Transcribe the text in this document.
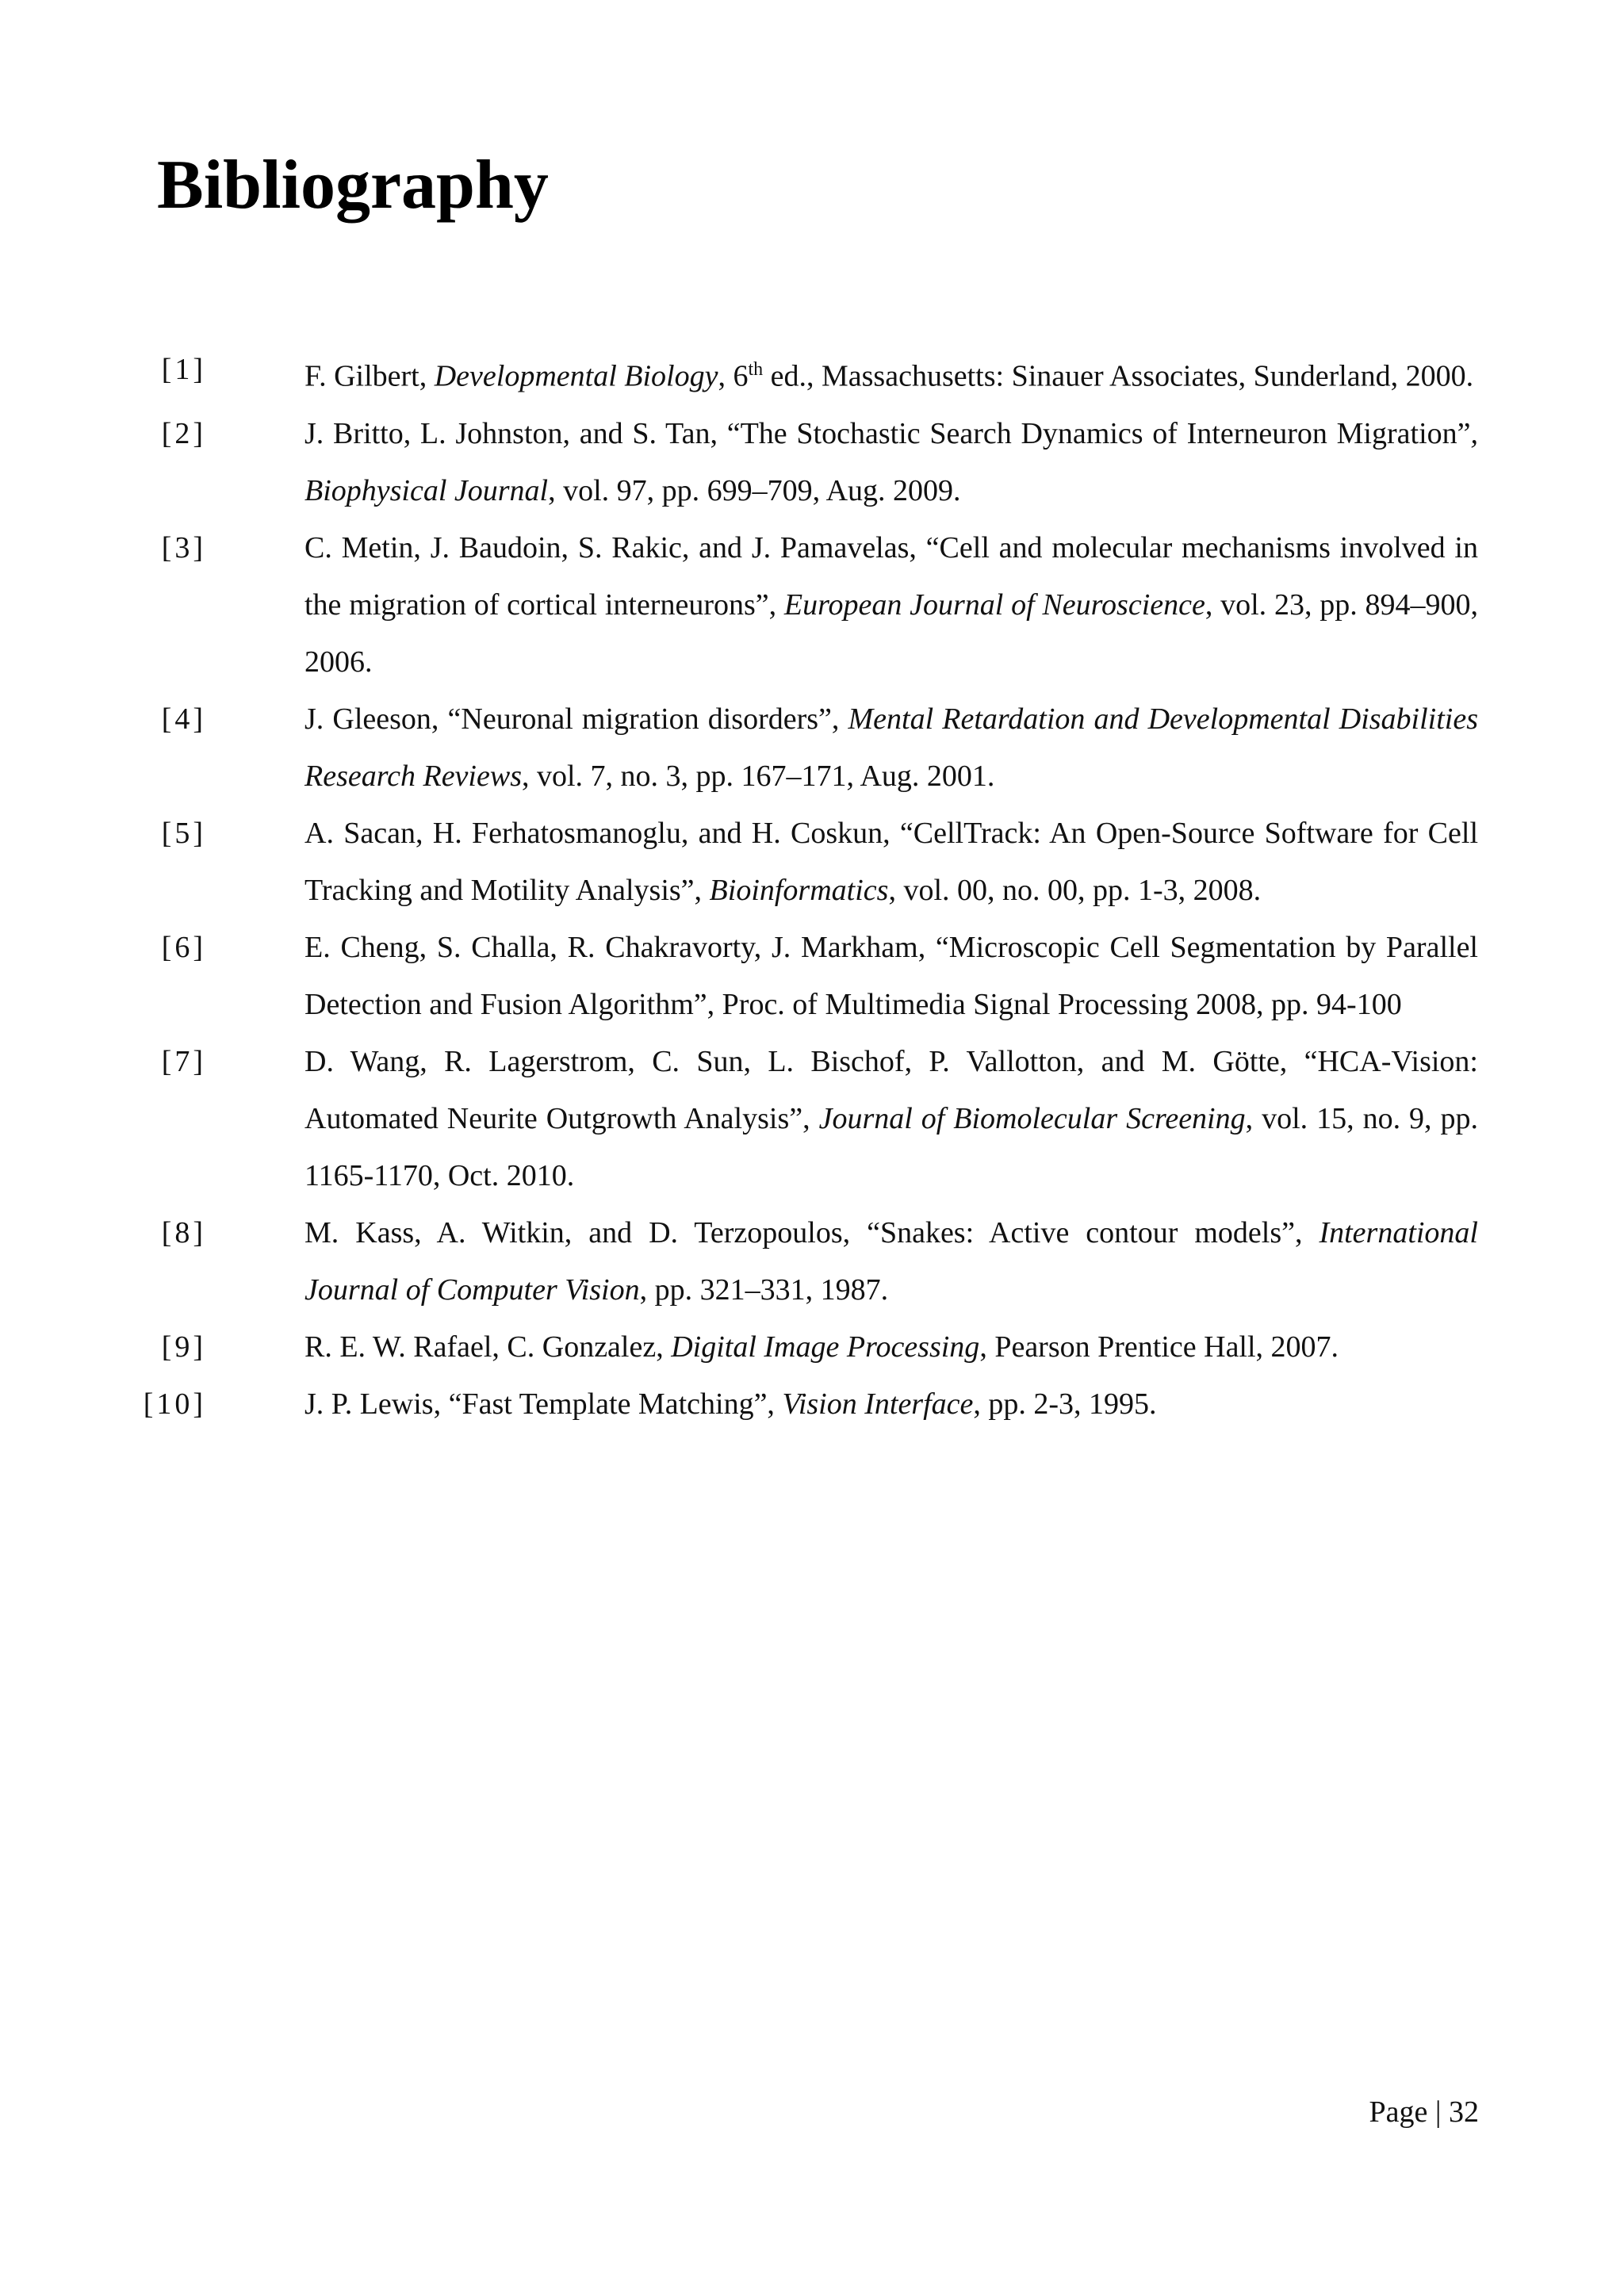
Bibliography
[1]	F. Gilbert, Developmental Biology, 6th ed., Massachusetts: Sinauer Associates, Sunderland, 2000.
[2]	J. Britto, L. Johnston, and S. Tan, “The Stochastic Search Dynamics of Interneuron Migration”, Biophysical Journal, vol. 97, pp. 699–709, Aug. 2009.
[3]	C. Metin, J. Baudoin, S. Rakic, and J. Pamavelas, “Cell and molecular mechanisms involved in the migration of cortical interneurons”, European Journal of Neuroscience, vol. 23, pp. 894–900, 2006.
[4]	J. Gleeson, “Neuronal migration disorders”, Mental Retardation and Developmental Disabilities Research Reviews, vol. 7, no. 3, pp. 167–171, Aug. 2001.
[5]	A. Sacan, H. Ferhatosmanoglu, and H. Coskun, “CellTrack: An Open-Source Software for Cell Tracking and Motility Analysis”, Bioinformatics, vol. 00, no. 00, pp. 1-3, 2008.
[6]	E. Cheng, S. Challa, R. Chakravorty, J. Markham, “Microscopic Cell Segmentation by Parallel Detection and Fusion Algorithm”, Proc. of Multimedia Signal Processing 2008, pp. 94-100
[7]	D. Wang, R. Lagerstrom, C. Sun, L. Bischof, P. Vallotton, and M. Götte, “HCA-Vision: Automated Neurite Outgrowth Analysis”, Journal of Biomolecular Screening, vol. 15, no. 9, pp. 1165-1170, Oct. 2010.
[8]	M. Kass, A. Witkin, and D. Terzopoulos, “Snakes: Active contour models”, International Journal of Computer Vision, pp. 321–331, 1987.
[9]	R. E. W. Rafael, C. Gonzalez, Digital Image Processing, Pearson Prentice Hall, 2007.
[10]	J. P. Lewis, “Fast Template Matching”, Vision Interface, pp. 2-3, 1995.
Page | 32
